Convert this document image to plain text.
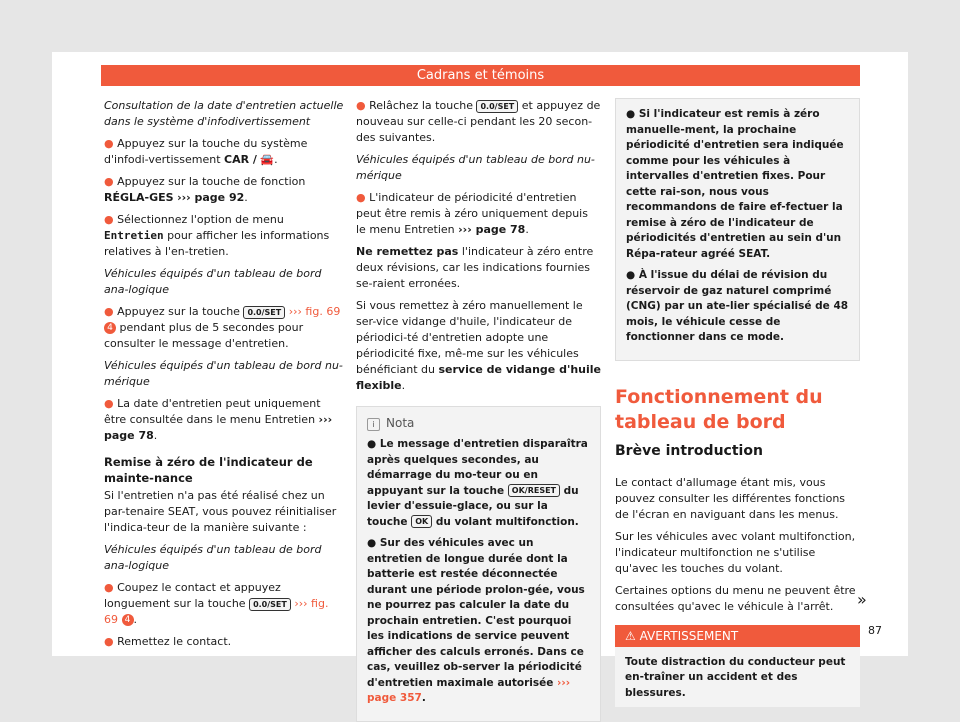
Cadrans et témoins

Consultation de la date d'entretien actuelle dans le système d'infodivertissement

● Appuyez sur la touche du système d'infodi-vertissement CAR / 🚘.

● Appuyez sur la touche de fonction RÉGLA-GES ››› page 92.

● Sélectionnez l'option de menu Entretien pour afficher les informations relatives à l'en-tretien.

Véhicules équipés d'un tableau de bord ana-logique

● Appuyez sur la touche 0.0/SET ››› fig. 69 4 pendant plus de 5 secondes pour consulter le message d'entretien.

Véhicules équipés d'un tableau de bord nu-mérique

● La date d'entretien peut uniquement être consultée dans le menu Entretien ››› page 78.

Remise à zéro de l'indicateur de mainte-nance

Si l'entretien n'a pas été réalisé chez un par-tenaire SEAT, vous pouvez réinitialiser l'indica-teur de la manière suivante :

Véhicules équipés d'un tableau de bord ana-logique

● Coupez le contact et appuyez longuement sur la touche 0.0/SET ››› fig. 69 4 .

● Remettez le contact.

● Relâchez la touche 0.0/SET et appuyez de nouveau sur celle-ci pendant les 20 secon-des suivantes.

Véhicules équipés d'un tableau de bord nu-mérique

● L'indicateur de périodicité d'entretien peut être remis à zéro uniquement depuis le menu Entretien ››› page 78.

Ne remettez pas l'indicateur à zéro entre deux révisions, car les indications fournies se-raient erronées.

Si vous remettez à zéro manuellement le ser-vice vidange d'huile, l'indicateur de périodici-té d'entretien adopte une périodicité fixe, mê-me sur les véhicules bénéficiant du service de vidange d'huile flexible.

i Nota

● Le message d'entretien disparaîtra après quelques secondes, au démarrage du mo-teur ou en appuyant sur la touche OK/RESET du levier d'essuie-glace, ou sur la touche OK du volant multifonction.

● Sur des véhicules avec un entretien de longue durée dont la batterie est restée déconnectée durant une période prolon-gée, vous ne pourrez pas calculer la date du prochain entretien. C'est pourquoi les indications de service peuvent afficher des calculs erronés. Dans ce cas, veuillez ob-server la périodicité d'entretien maximale autorisée ››› page 357.

● Si l'indicateur est remis à zéro manuelle-ment, la prochaine périodicité d'entretien sera indiquée comme pour les véhicules à intervalles d'entretien fixes. Pour cette rai-son, nous vous recommandons de faire ef-fectuer la remise à zéro de l'indicateur de périodicités d'entretien au sein d'un Répa-rateur agréé SEAT.

● À l'issue du délai de révision du réservoir de gaz naturel comprimé (CNG) par un ate-lier spécialisé de 48 mois, le véhicule cesse de fonctionner dans ce mode.

Fonctionnement du tableau de bord
Brève introduction

Le contact d'allumage étant mis, vous pouvez consulter les différentes fonctions de l'écran en naviguant dans les menus.

Sur les véhicules avec volant multifonction, l'indicateur multifonction ne s'utilise qu'avec les touches du volant.

Certaines options du menu ne peuvent être consultées qu'avec le véhicule à l'arrêt.

⚠ AVERTISSEMENT
Toute distraction du conducteur peut en-traîner un accident et des blessures.
»
87
